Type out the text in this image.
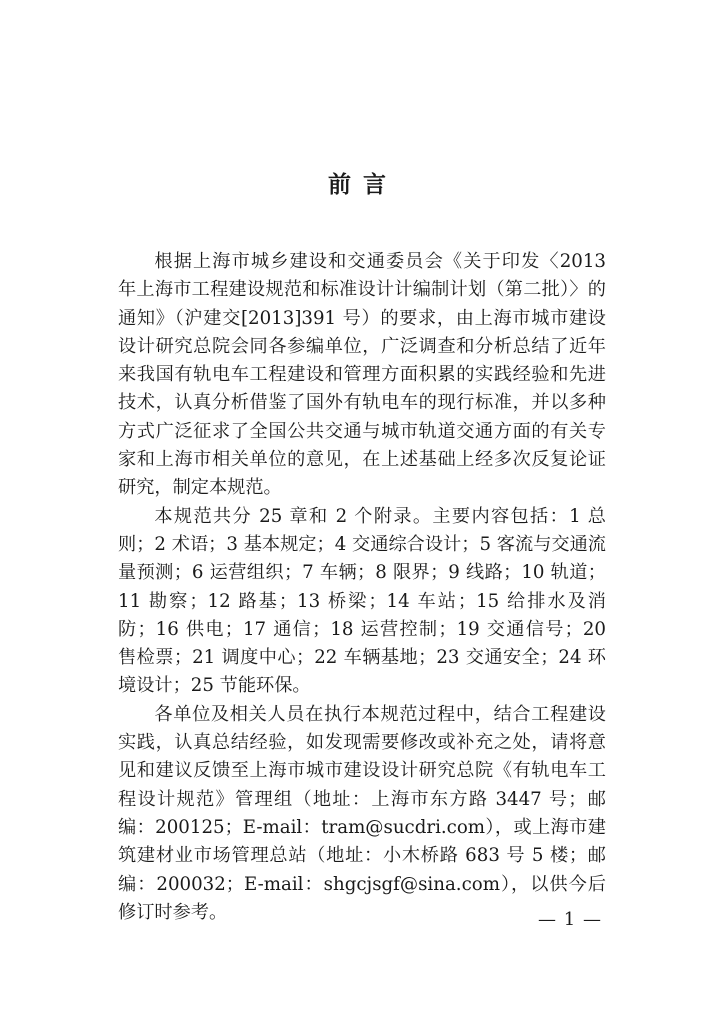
前 言

根据上海市城乡建设和交通委员会《关于印发〈2013 年上海市工程建设规范和标准设计计编制计划（第二批）〉的通知》（沪建交[2013]391 号）的要求，由上海市城市建设设计研究总院会同各参编单位，广泛调查和分析总结了近年来我国有轨电车工程建设和管理方面积累的实践经验和先进技术，认真分析借鉴了国外有轨电车的现行标准，并以多种方式广泛征求了全国公共交通与城市轨道交通方面的有关专家和上海市相关单位的意见，在上述基础上经多次反复论证研究，制定本规范。

本规范共分 25 章和 2 个附录。主要内容包括：1 总则；2 术语；3 基本规定；4 交通综合设计；5 客流与交通流量预测；6 运营组织；7 车辆；8 限界；9 线路；10 轨道；11 勘察；12 路基；13 桥梁；14 车站；15 给排水及消防；16 供电；17 通信；18 运营控制；19 交通信号；20 售检票；21 调度中心；22 车辆基地；23 交通安全；24 环境设计；25 节能环保。

各单位及相关人员在执行本规范过程中，结合工程建设实践，认真总结经验，如发现需要修改或补充之处，请将意见和建议反馈至上海市城市建设设计研究总院《有轨电车工程设计规范》管理组（地址：上海市东方路 3447 号；邮编：200125；E-mail：tram@sucdri.com），或上海市建筑建材业市场管理总站（地址：小木桥路 683 号 5 楼；邮编：200032；E-mail：shgcjsgf@sina.com），以供今后修订时参考。	— 1 —
